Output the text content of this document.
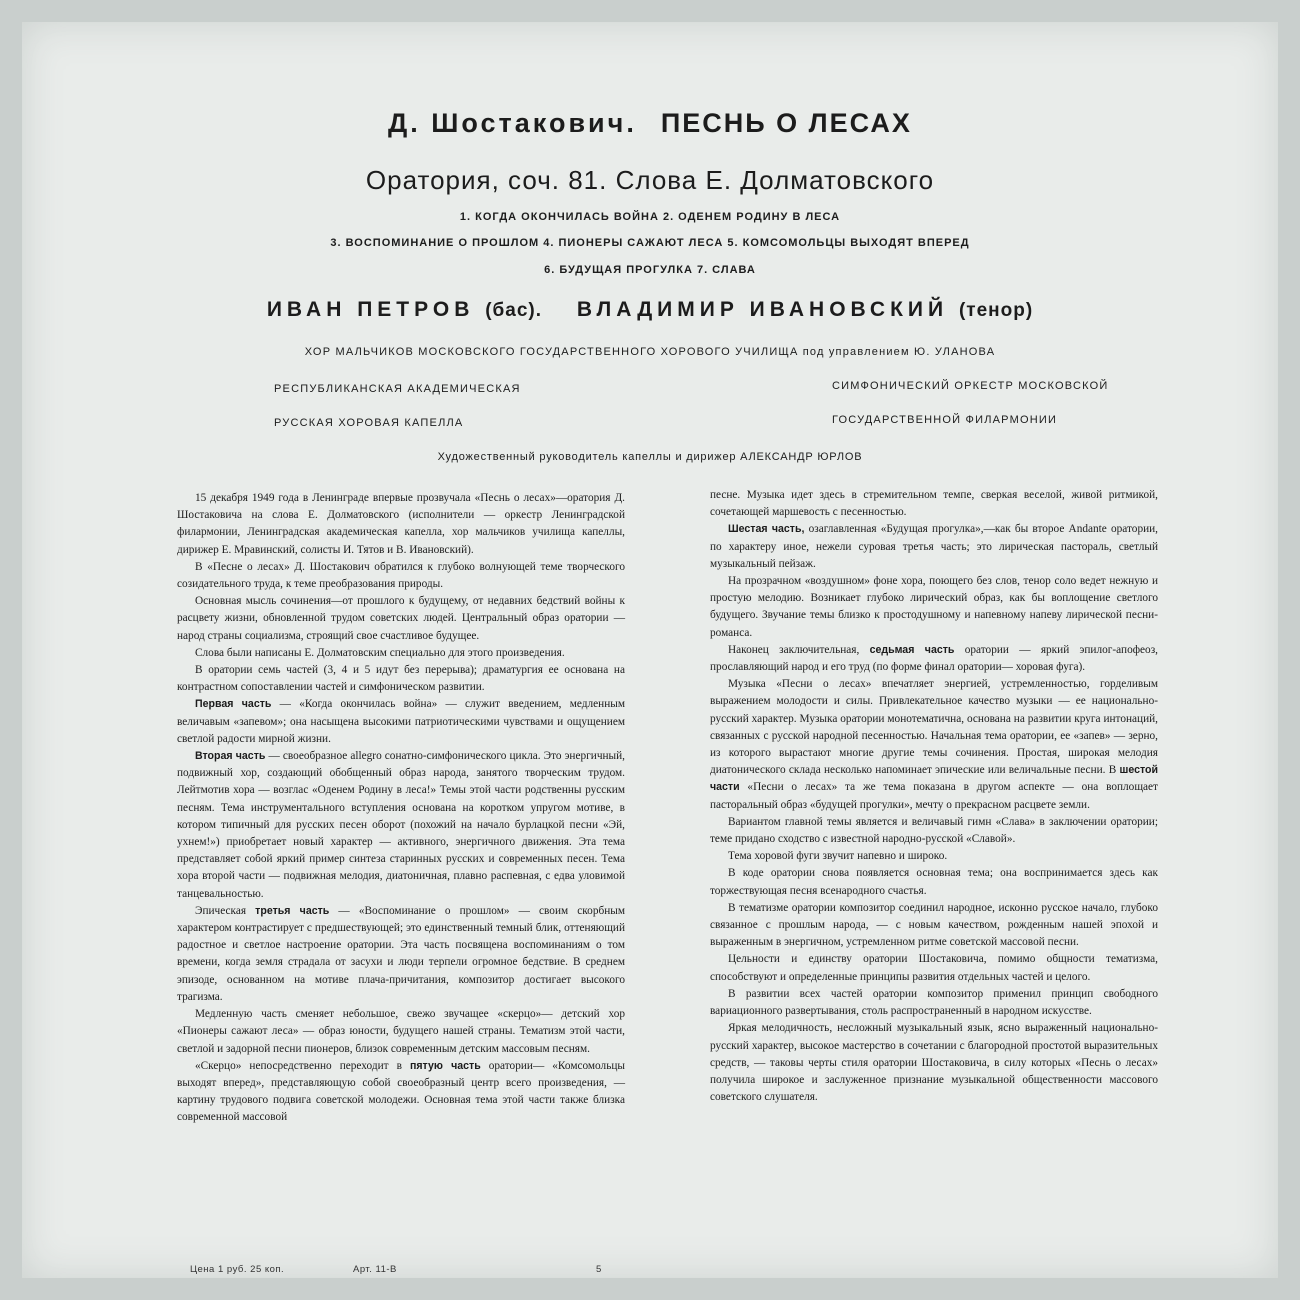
Д. Шостакович. ПЕСНЬ О ЛЕСАХ
Оратория, соч. 81. Слова Е. Долматовского
1. КОГДА ОКОНЧИЛАСЬ ВОЙНА 2. ОДЕНЕМ РОДИНУ В ЛЕСА
3. ВОСПОМИНАНИЕ О ПРОШЛОМ 4. ПИОНЕРЫ САЖАЮТ ЛЕСА 5. КОМСОМОЛЬЦЫ ВЫХОДЯТ ВПЕРЕД
6. БУДУЩАЯ ПРОГУЛКА 7. СЛАВА
ИВАН ПЕТРОВ (бас). ВЛАДИМИР ИВАНОВСКИЙ (тенор)
ХОР МАЛЬЧИКОВ МОСКОВСКОГО ГОСУДАРСТВЕННОГО ХОРОВОГО УЧИЛИЩА под управлением Ю. УЛАНОВА
РЕСПУБЛИКАНСКАЯ АКАДЕМИЧЕСКАЯ
РУССКАЯ ХОРОВАЯ КАПЕЛЛА
СИМФОНИЧЕСКИЙ ОРКЕСТР МОСКОВСКОЙ
ГОСУДАРСТВЕННОЙ ФИЛАРМОНИИ
Художественный руководитель капеллы и дирижер АЛЕКСАНДР ЮРЛОВ

15 декабря 1949 года в Ленинграде впервые прозвучала «Песнь о лесах»—оратория Д. Шостаковича на слова Е. Долматовского (исполнители — оркестр Ленинградской филармонии, Ленинградская академическая капелла, хор мальчиков училища капеллы, дирижер Е. Мравинский, солисты И. Тятов и В. Ивановский).

В «Песне о лесах» Д. Шостакович обратился к глубоко волнующей теме творческого созидательного труда, к теме преобразования природы.

Основная мысль сочинения—от прошлого к будущему, от недавних бедствий войны к расцвету жизни, обновленной трудом советских людей. Центральный образ оратории — народ страны социализма, строящий свое счастливое будущее.

Слова были написаны Е. Долматовским специально для этого произведения.

В оратории семь частей (3, 4 и 5 идут без перерыва); драматургия ее основана на контрастном сопоставлении частей и симфоническом развитии.

Первая часть — «Когда окончилась война» — служит введением, медленным величавым «запевом»; она насыщена высокими патриотическими чувствами и ощущением светлой радости мирной жизни.

Вторая часть — своеобразное allegro сонатно-симфонического цикла. Это энергичный, подвижный хор, создающий обобщенный образ народа, занятого творческим трудом. Лейтмотив хора — возглас «Оденем Родину в леса!» Темы этой части родственны русским песням. Тема инструментального вступления основана на коротком упругом мотиве, в котором типичный для русских песен оборот (похожий на начало бурлацкой песни «Эй, ухнем!») приобретает новый характер — активного, энергичного движения. Эта тема представляет собой яркий пример синтеза старинных русских и современных песен. Тема хора второй части — подвижная мелодия, диатоничная, плавно распевная, с едва уловимой танцевальностью.

Эпическая третья часть — «Воспоминание о прошлом» — своим скорбным характером контрастирует с предшествующей; это единственный темный блик, оттеняющий радостное и светлое настроение оратории. Эта часть посвящена воспоминаниям о том времени, когда земля страдала от засухи и люди терпели огромное бедствие. В среднем эпизоде, основанном на мотиве плача-причитания, композитор достигает высокого трагизма.

Медленную часть сменяет небольшое, свежо звучащее «скерцо»— детский хор «Пионеры сажают леса» — образ юности, будущего нашей страны. Тематизм этой части, светлой и задорной песни пионеров, близок современным детским массовым песням.

«Скерцо» непосредственно переходит в пятую часть оратории— «Комсомольцы выходят вперед», представляющую собой своеобразный центр всего произведения, — картину трудового подвига советской молодежи. Основная тема этой части также близка современной массовой

песне. Музыка идет здесь в стремительном темпе, сверкая веселой, живой ритмикой, сочетающей маршевость с песенностью.

Шестая часть, озаглавленная «Будущая прогулка»,—как бы второе Andante оратории, по характеру иное, нежели суровая третья часть; это лирическая пастораль, светлый музыкальный пейзаж.

На прозрачном «воздушном» фоне хора, поющего без слов, тенор соло ведет нежную и простую мелодию. Возникает глубоко лирический образ, как бы воплощение светлого будущего. Звучание темы близко к простодушному и напевному напеву лирической песни-романса.

Наконец заключительная, седьмая часть оратории — яркий эпилог-апофеоз, прославляющий народ и его труд (по форме финал оратории— хоровая фуга).

Музыка «Песни о лесах» впечатляет энергией, устремленностью, горделивым выражением молодости и силы. Привлекательное качество музыки — ее национально-русский характер. Музыка оратории монотематична, основана на развитии круга интонаций, связанных с русской народной песенностью. Начальная тема оратории, ее «запев» — зерно, из которого вырастают многие другие темы сочинения. Простая, широкая мелодия диатонического склада несколько напоминает эпические или величальные песни. В шестой части «Песни о лесах» та же тема показана в другом аспекте — она воплощает пасторальный образ «будущей прогулки», мечту о прекрасном расцвете земли.

Вариантом главной темы является и величавый гимн «Слава» в заключении оратории; теме придано сходство с известной народно-русской «Славой».

Тема хоровой фуги звучит напевно и широко.

В коде оратории снова появляется основная тема; она воспринимается здесь как торжествующая песня всенародного счастья.

В тематизме оратории композитор соединил народное, исконно русское начало, глубоко связанное с прошлым народа, — с новым качеством, рожденным нашей эпохой и выраженным в энергичном, устремленном ритме советской массовой песни.

Цельности и единству оратории Шостаковича, помимо общности тематизма, способствуют и определенные принципы развития отдельных частей и целого.

В развитии всех частей оратории композитор применил принцип свободного вариационного развертывания, столь распространенный в народном искусстве.

Яркая мелодичность, несложный музыкальный язык, ясно выраженный национально-русский характер, высокое мастерство в сочетании с благородной простотой выразительных средств, — таковы черты стиля оратории Шостаковича, в силу которых «Песнь о лесах» получила широкое и заслуженное признание музыкальной общественности массового советского слушателя.

Цена 1 руб. 25 коп.	Арт. 11-В	5
